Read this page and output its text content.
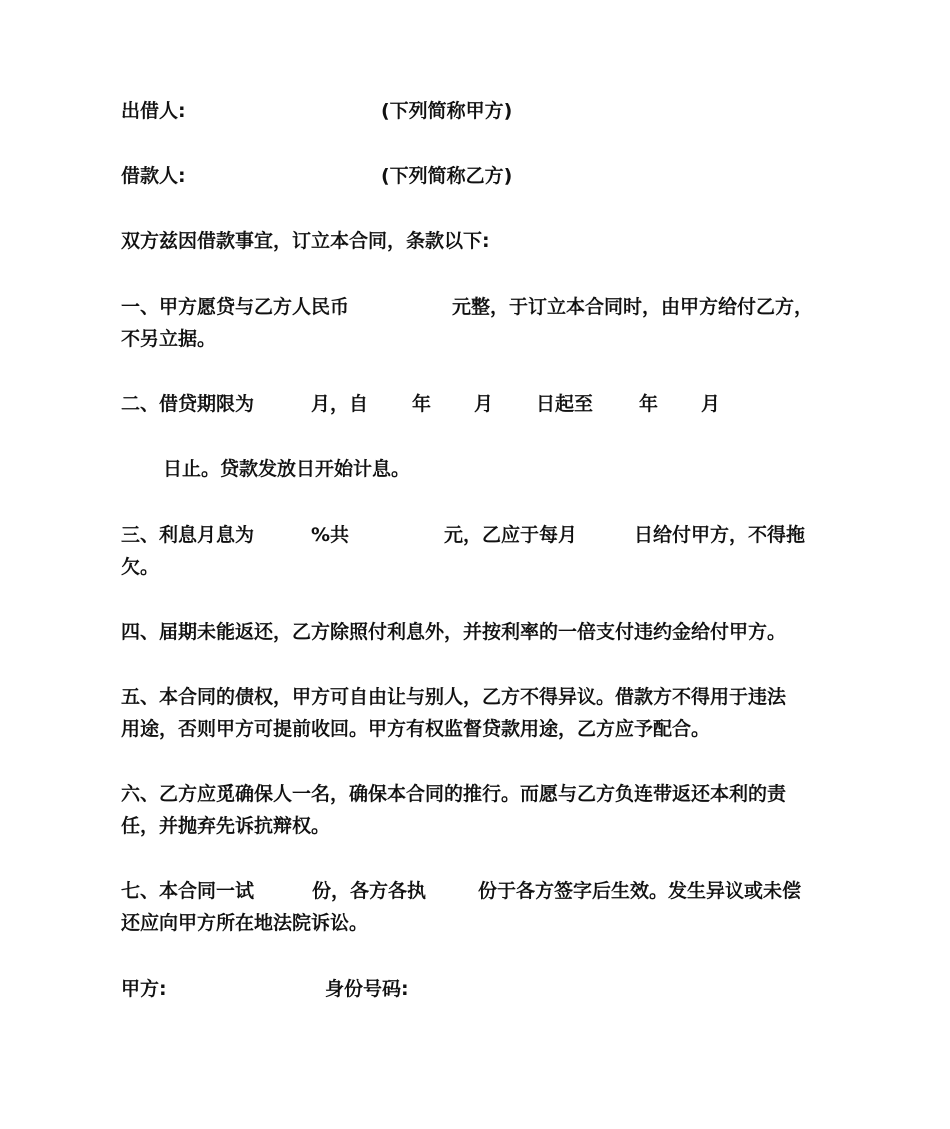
出借人:	(下列简称甲方)
借款人:	(下列简称乙方)
双方兹因借款事宜，订立本合同，条款以下:
一、甲方愿贷与乙方人民币	元整，于订立本合同时，由甲方给付乙方，
不另立据。
二、借贷期限为	月，自 年 月 日起至 年 月
日止。贷款发放日开始计息。
三、利息月息为	%共	元，乙应于每月	日给付甲方，不得拖
欠。
四、届期未能返还，乙方除照付利息外，并按利率的一倍支付违约金给付甲方。
五、本合同的债权，甲方可自由让与别人，乙方不得异议。借款方不得用于违法
用途，否则甲方可提前收回。甲方有权监督贷款用途，乙方应予配合。
六、乙方应觅确保人一名，确保本合同的推行。而愿与乙方负连带返还本利的责
任，并抛弃先诉抗辩权。
七、本合同一试	份，各方各执	份于各方签字后生效。发生异议或未偿
还应向甲方所在地法院诉讼。
甲方:	身份号码:
